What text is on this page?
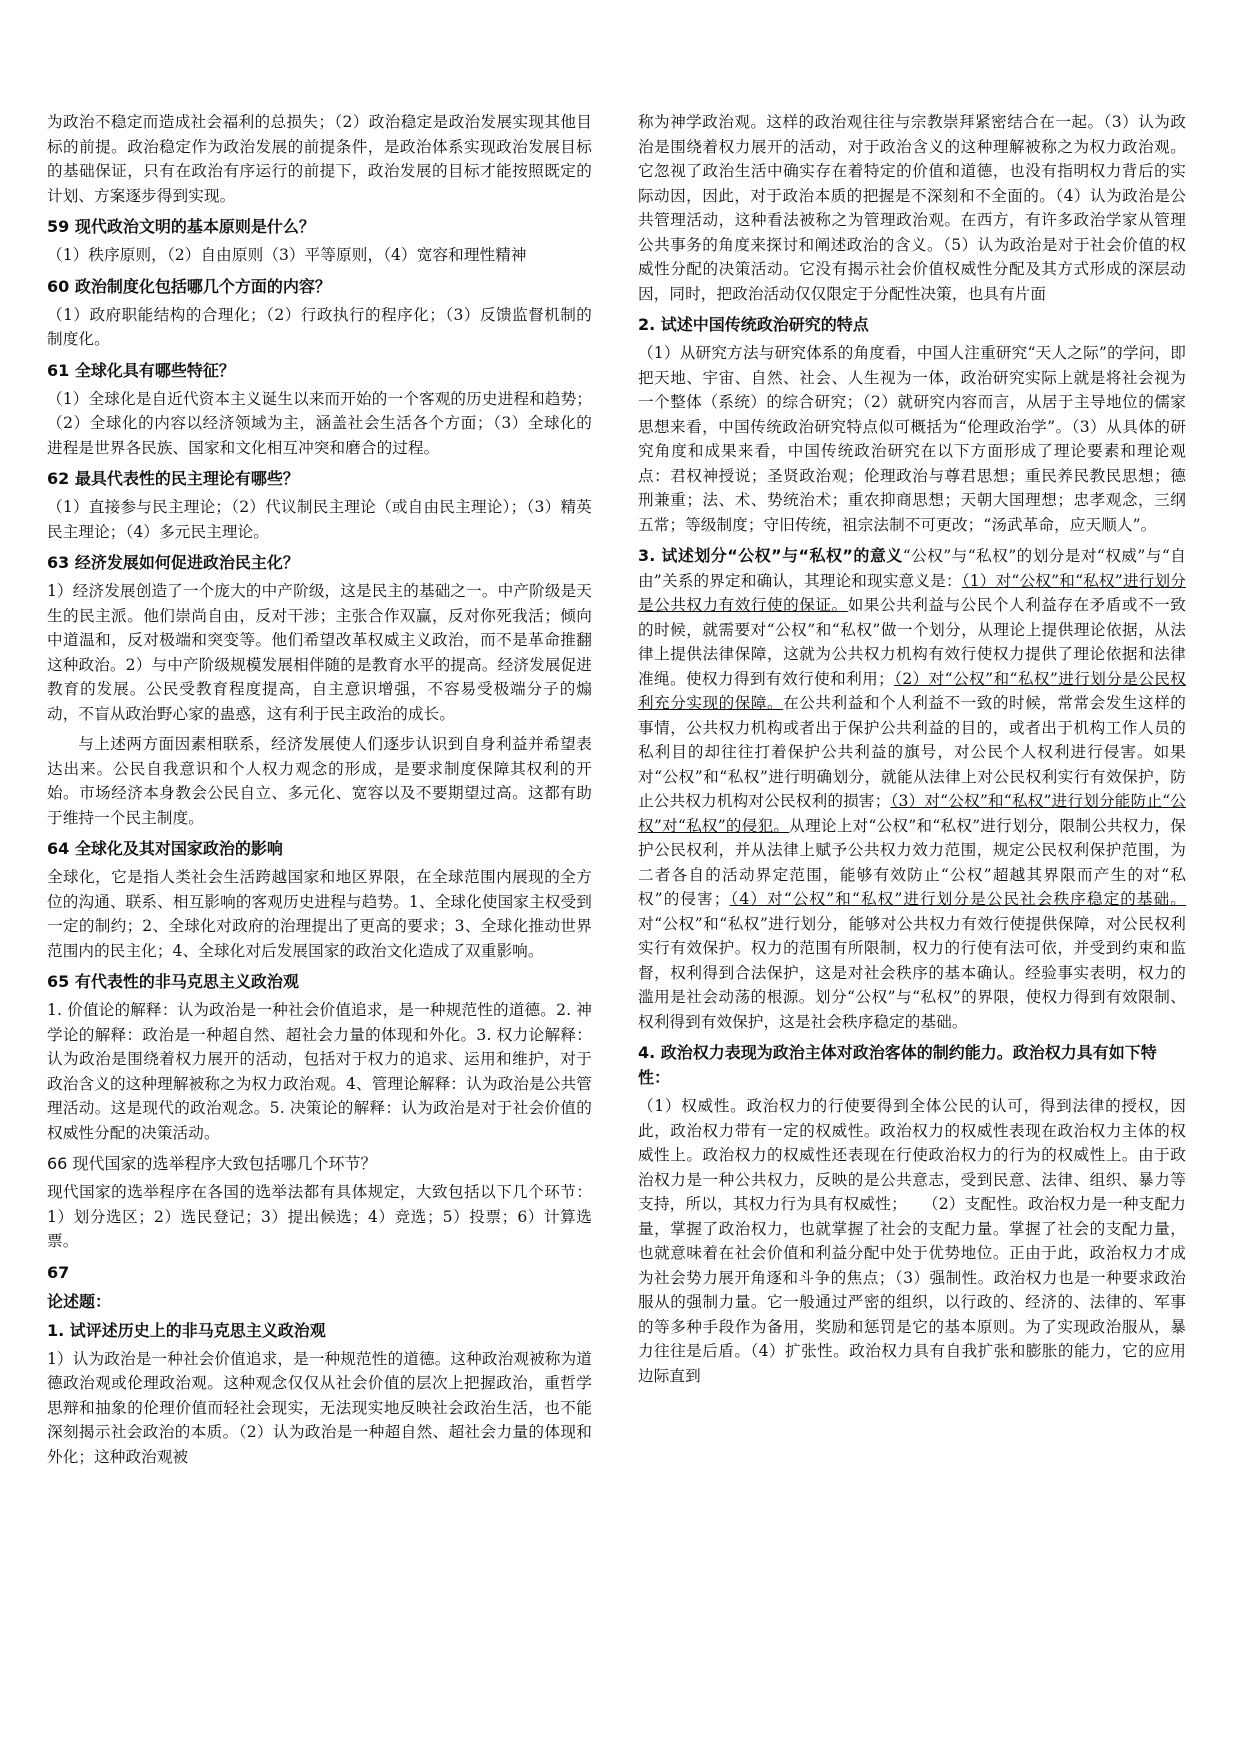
为政治不稳定而造成社会福利的总损失；（2）政治稳定是政治发展实现其他目标的前提。政治稳定作为政治发展的前提条件，是政治体系实现政治发展目标的基础保证，只有在政治有序运行的前提下，政治发展的目标才能按照既定的计划、方案逐步得到实现。
59 现代政治文明的基本原则是什么？
（1）秩序原则，（2）自由原则（3）平等原则，（4）宽容和理性精神
60 政治制度化包括哪几个方面的内容？
（1）政府职能结构的合理化；（2）行政执行的程序化；（3）反馈监督机制的制度化。
61 全球化具有哪些特征？
（1）全球化是自近代资本主义诞生以来而开始的一个客观的历史进程和趋势；（2）全球化的内容以经济领域为主，涵盖社会生活各个方面；（3）全球化的进程是世界各民族、国家和文化相互冲突和磨合的过程。
62 最具代表性的民主理论有哪些？
（1）直接参与民主理论；（2）代议制民主理论（或自由民主理论）；（3）精英民主理论；（4）多元民主理论。
63 经济发展如何促进政治民主化？
1）经济发展创造了一个庞大的中产阶级，这是民主的基础之一。中产阶级是天生的民主派。他们崇尚自由，反对干涉；主张合作双赢，反对你死我活；倾向中道温和，反对极端和突变等。他们希望改革权威主义政治，而不是革命推翻这种政治。2）与中产阶级规模发展相伴随的是教育水平的提高。经济发展促进教育的发展。公民受教育程度提高，自主意识增强，不容易受极端分子的煽动，不盲从政治野心家的蛊惑，这有利于民主政治的成长。
与上述两方面因素相联系，经济发展使人们逐步认识到自身利益并希望表达出来。公民自我意识和个人权力观念的形成，是要求制度保障其权利的开始。市场经济本身教会公民自立、多元化、宽容以及不要期望过高。这都有助于维持一个民主制度。
64 全球化及其对国家政治的影响
全球化，它是指人类社会生活跨越国家和地区界限，在全球范围内展现的全方位的沟通、联系、相互影响的客观历史进程与趋势。1、全球化使国家主权受到一定的制约；2、全球化对政府的治理提出了更高的要求；3、全球化推动世界范围内的民主化；4、全球化对后发展国家的政治文化造成了双重影响。
65 有代表性的非马克思主义政治观
1. 价值论的解释：认为政治是一种社会价值追求，是一种规范性的道德。2. 神学论的解释：政治是一种超自然、超社会力量的体现和外化。3. 权力论解释：认为政治是围绕着权力展开的活动，包括对于权力的追求、运用和维护，对于政治含义的这种理解被称之为权力政治观。4、管理论解释：认为政治是公共管理活动。这是现代的政治观念。5. 决策论的解释：认为政治是对于社会价值的权威性分配的决策活动。
66 现代国家的选举程序大致包括哪几个环节？
现代国家的选举程序在各国的选举法都有具体规定，大致包括以下几个环节：1）划分选区；2）选民登记；3）提出候选；4）竞选；5）投票；6）计算选票。
67
论述题：
1. 试评述历史上的非马克思主义政治观
1）认为政治是一种社会价值追求，是一种规范性的道德。这种政治观被称为道德政治观或伦理政治观。这种观念仅仅从社会价值的层次上把握政治，重哲学思辩和抽象的伦理价值而轻社会现实，无法现实地反映社会政治生活，也不能深刻揭示社会政治的本质。（2）认为政治是一种超自然、超社会力量的体现和外化；这种政治观被
称为神学政治观。这样的政治观往往与宗教崇拜紧密结合在一起。（3）认为政治是围绕着权力展开的活动，对于政治含义的这种理解被称之为权力政治观。它忽视了政治生活中确实存在着特定的价值和道德，也没有指明权力背后的实际动因，因此，对于政治本质的把握是不深刻和不全面的。（4）认为政治是公共管理活动，这种看法被称之为管理政治观。在西方，有许多政治学家从管理公共事务的角度来探讨和阐述政治的含义。（5）认为政治是对于社会价值的权威性分配的决策活动。它没有揭示社会价值权威性分配及其方式形成的深层动因，同时，把政治活动仅仅限定于分配性决策，也具有片面
2. 试述中国传统政治研究的特点
（1）从研究方法与研究体系的角度看，中国人注重研究“天人之际”的学问，即把天地、宇宙、自然、社会、人生视为一体，政治研究实际上就是将社会视为一个整体（系统）的综合研究；（2）就研究内容而言，从居于主导地位的儒家思想来看，中国传统政治研究特点似可概括为“伦理政治学”。（3）从具体的研究角度和成果来看，中国传统政治研究在以下方面形成了理论要素和理论观点：君权神授说；圣贤政治观；伦理政治与尊君思想；重民养民教民思想；德刑兼重；法、术、势统治术；重农抑商思想；天朝大国理想；忠孝观念，三纲五常；等级制度；守旧传统，祖宗法制不可更改；“汤武革命，应天顺人”。
3. 试述划分“公权”与“私权”的意义“公权”与“私权”的划分是对“权威”与“自由”关系的界定和确认，其理论和现实意义是：（1）对“公权”和“私权”进行划分是公共权力有效行使的保证。如果公共利益与公民个人利益存在矛盾或不一致的时候，就需要对“公权”和“私权”做一个划分，从理论上提供理论依据，从法律上提供法律保障，这就为公共权力机构有效行使权力提供了理论依据和法律准绳。使权力得到有效行使和利用；（2）对“公权”和“私权”进行划分是公民权利充分实现的保障。在公共利益和个人利益不一致的时候，常常会发生这样的事情，公共权力机构或者出于保护公共利益的目的，或者出于机构工作人员的私利目的却往往打着保护公共利益的旗号，对公民个人权利进行侵害。如果对“公权”和“私权”进行明确划分，就能从法律上对公民权利实行有效保护，防止公共权力机构对公民权利的损害；（3）对“公权”和“私权”进行划分能防止“公权”对“私权”的侵犯。从理论上对“公权”和“私权”进行划分，限制公共权力，保护公民权利，并从法律上赋予公共权力效力范围，规定公民权利保护范围，为二者各自的活动界定范围，能够有效防止“公权”超越其界限而产生的对“私权”的侵害；（4）对“公权”和“私权”进行划分是公民社会秩序稳定的基础。对“公权”和“私权”进行划分，能够对公共权力有效行使提供保障，对公民权利实行有效保护。权力的范围有所限制，权力的行使有法可依，并受到约束和监督，权利得到合法保护，这是对社会秩序的基本确认。经验事实表明，权力的滥用是社会动荡的根源。划分“公权”与“私权”的界限，使权力得到有效限制、权利得到有效保护，这是社会秩序稳定的基础。
4. 政治权力表现为政治主体对政治客体的制约能力。政治权力具有如下特性：
（1）权威性。政治权力的行使要得到全体公民的认可，得到法律的授权，因此，政治权力带有一定的权威性。政治权力的权威性表现在政治权力主体的权威性上。政治权力的权威性还表现在行使政治权力的行为的权威性上。由于政治权力是一种公共权力，反映的是公共意志，受到民意、法律、组织、暴力等支持，所以，其权力行为具有权威性；　　（2）支配性。政治权力是一种支配力量，掌握了政治权力，也就掌握了社会的支配力量。掌握了社会的支配力量，也就意味着在社会价值和利益分配中处于优势地位。正由于此，政治权力才成为社会势力展开角逐和斗争的焦点；（3）强制性。政治权力也是一种要求政治服从的强制力量。它一般通过严密的组织，以行政的、经济的、法律的、军事的等多种手段作为备用，奖励和惩罚是它的基本原则。为了实现政治服从，暴力往往是后盾。（4）扩张性。政治权力具有自我扩张和膨胀的能力，它的应用边际直到
